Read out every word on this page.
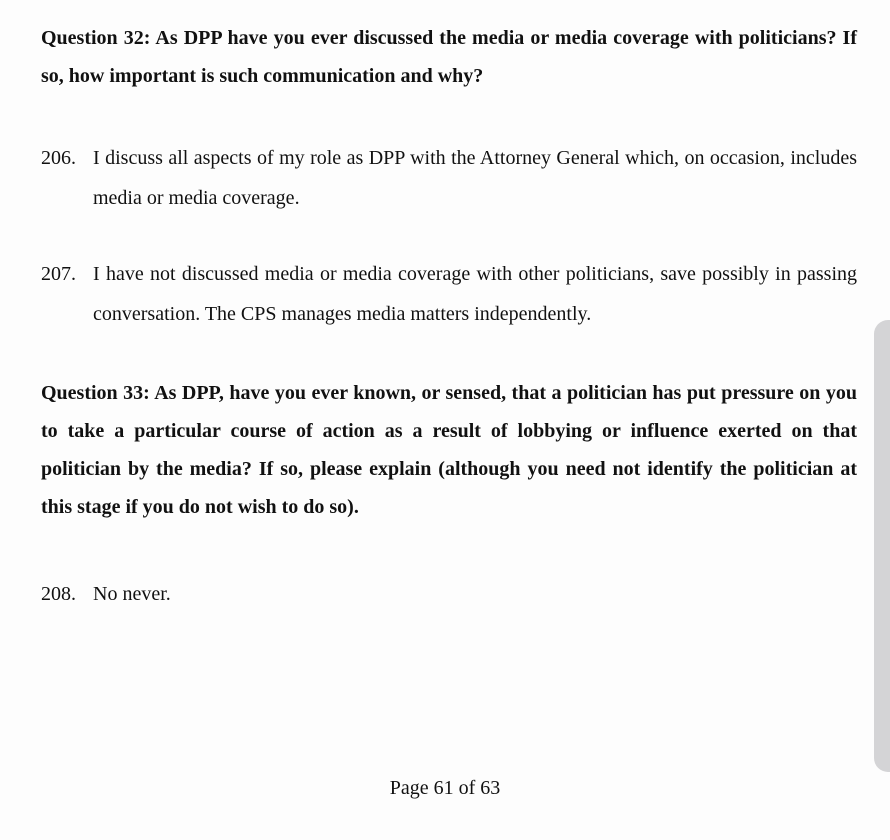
Question 32: As DPP have you ever discussed the media or media coverage with politicians? If so, how important is such communication and why?
206. I discuss all aspects of my role as DPP with the Attorney General which, on occasion, includes media or media coverage.
207. I have not discussed media or media coverage with other politicians, save possibly in passing conversation. The CPS manages media matters independently.
Question 33: As DPP, have you ever known, or sensed, that a politician has put pressure on you to take a particular course of action as a result of lobbying or influence exerted on that politician by the media? If so, please explain (although you need not identify the politician at this stage if you do not wish to do so).
208. No never.
Page 61 of 63
